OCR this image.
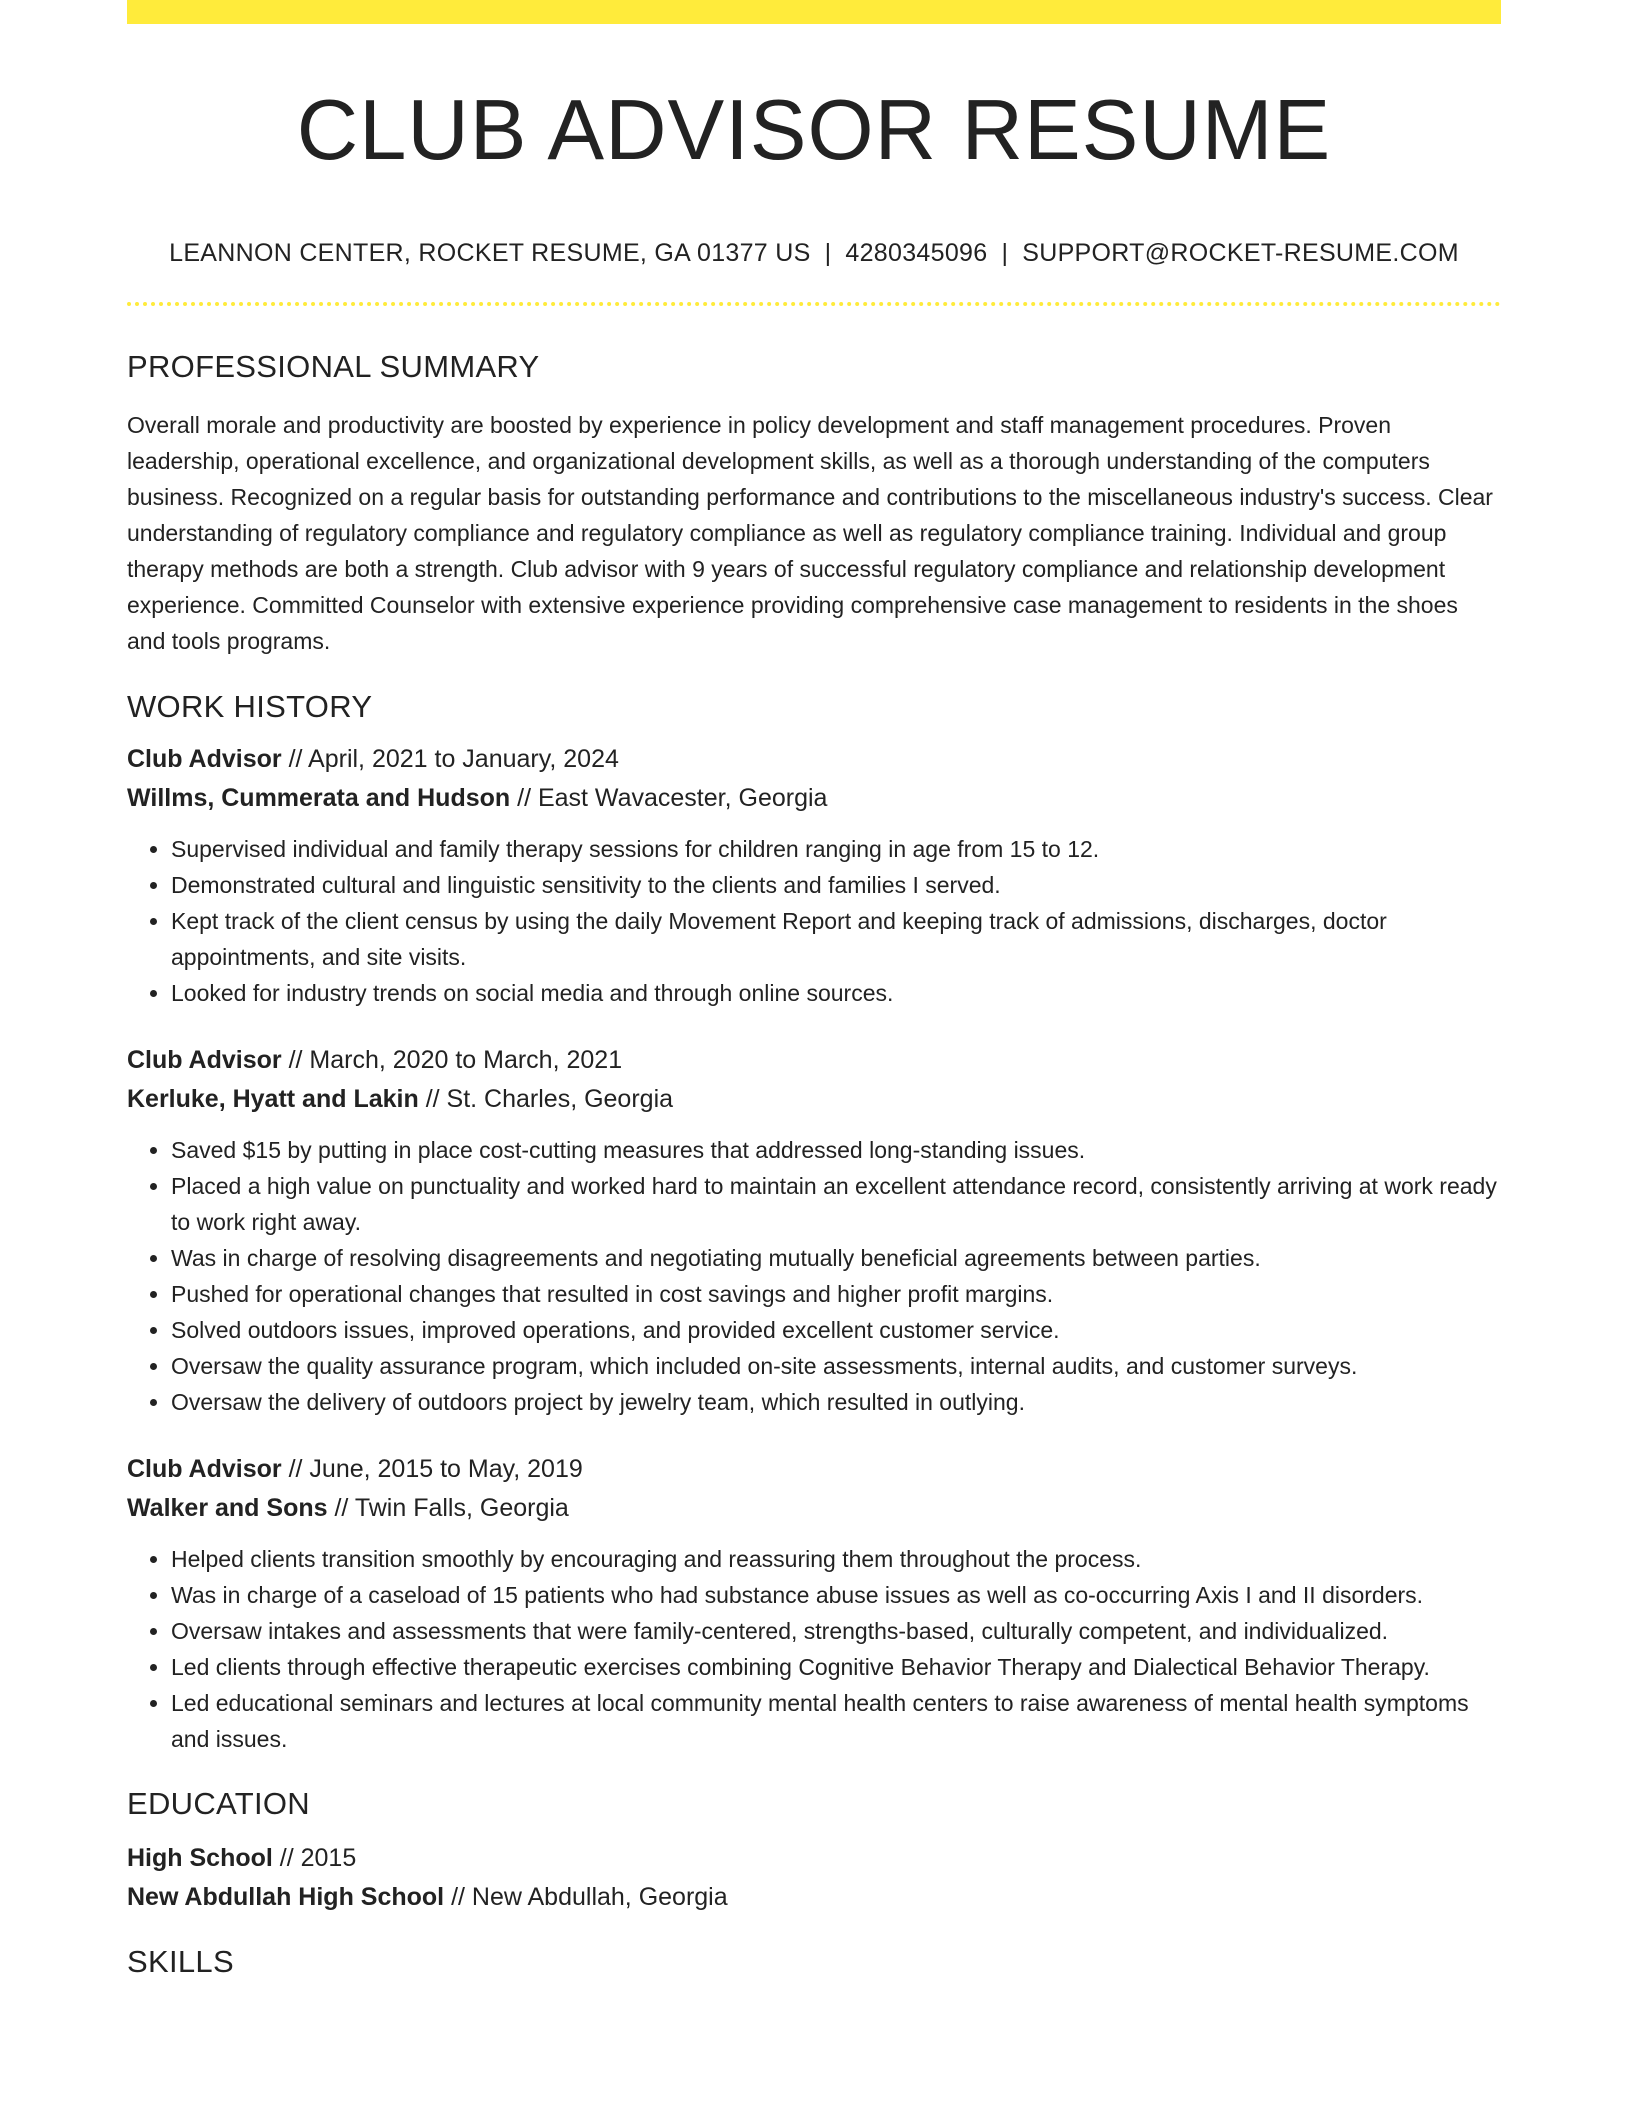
CLUB ADVISOR RESUME
LEANNON CENTER, ROCKET RESUME, GA 01377 US | 4280345096 | SUPPORT@ROCKET-RESUME.COM
PROFESSIONAL SUMMARY
Overall morale and productivity are boosted by experience in policy development and staff management procedures. Proven leadership, operational excellence, and organizational development skills, as well as a thorough understanding of the computers business. Recognized on a regular basis for outstanding performance and contributions to the miscellaneous industry's success. Clear understanding of regulatory compliance and regulatory compliance as well as regulatory compliance training. Individual and group therapy methods are both a strength. Club advisor with 9 years of successful regulatory compliance and relationship development experience. Committed Counselor with extensive experience providing comprehensive case management to residents in the shoes and tools programs.
WORK HISTORY
Club Advisor // April, 2021 to January, 2024
Willms, Cummerata and Hudson // East Wavacester, Georgia
• Supervised individual and family therapy sessions for children ranging in age from 15 to 12.
• Demonstrated cultural and linguistic sensitivity to the clients and families I served.
• Kept track of the client census by using the daily Movement Report and keeping track of admissions, discharges, doctor appointments, and site visits.
• Looked for industry trends on social media and through online sources.
Club Advisor // March, 2020 to March, 2021
Kerluke, Hyatt and Lakin // St. Charles, Georgia
• Saved $15 by putting in place cost-cutting measures that addressed long-standing issues.
• Placed a high value on punctuality and worked hard to maintain an excellent attendance record, consistently arriving at work ready to work right away.
• Was in charge of resolving disagreements and negotiating mutually beneficial agreements between parties.
• Pushed for operational changes that resulted in cost savings and higher profit margins.
• Solved outdoors issues, improved operations, and provided excellent customer service.
• Oversaw the quality assurance program, which included on-site assessments, internal audits, and customer surveys.
• Oversaw the delivery of outdoors project by jewelry team, which resulted in outlying.
Club Advisor // June, 2015 to May, 2019
Walker and Sons // Twin Falls, Georgia
• Helped clients transition smoothly by encouraging and reassuring them throughout the process.
• Was in charge of a caseload of 15 patients who had substance abuse issues as well as co-occurring Axis I and II disorders.
• Oversaw intakes and assessments that were family-centered, strengths-based, culturally competent, and individualized.
• Led clients through effective therapeutic exercises combining Cognitive Behavior Therapy and Dialectical Behavior Therapy.
• Led educational seminars and lectures at local community mental health centers to raise awareness of mental health symptoms and issues.
EDUCATION
High School // 2015
New Abdullah High School // New Abdullah, Georgia
SKILLS
